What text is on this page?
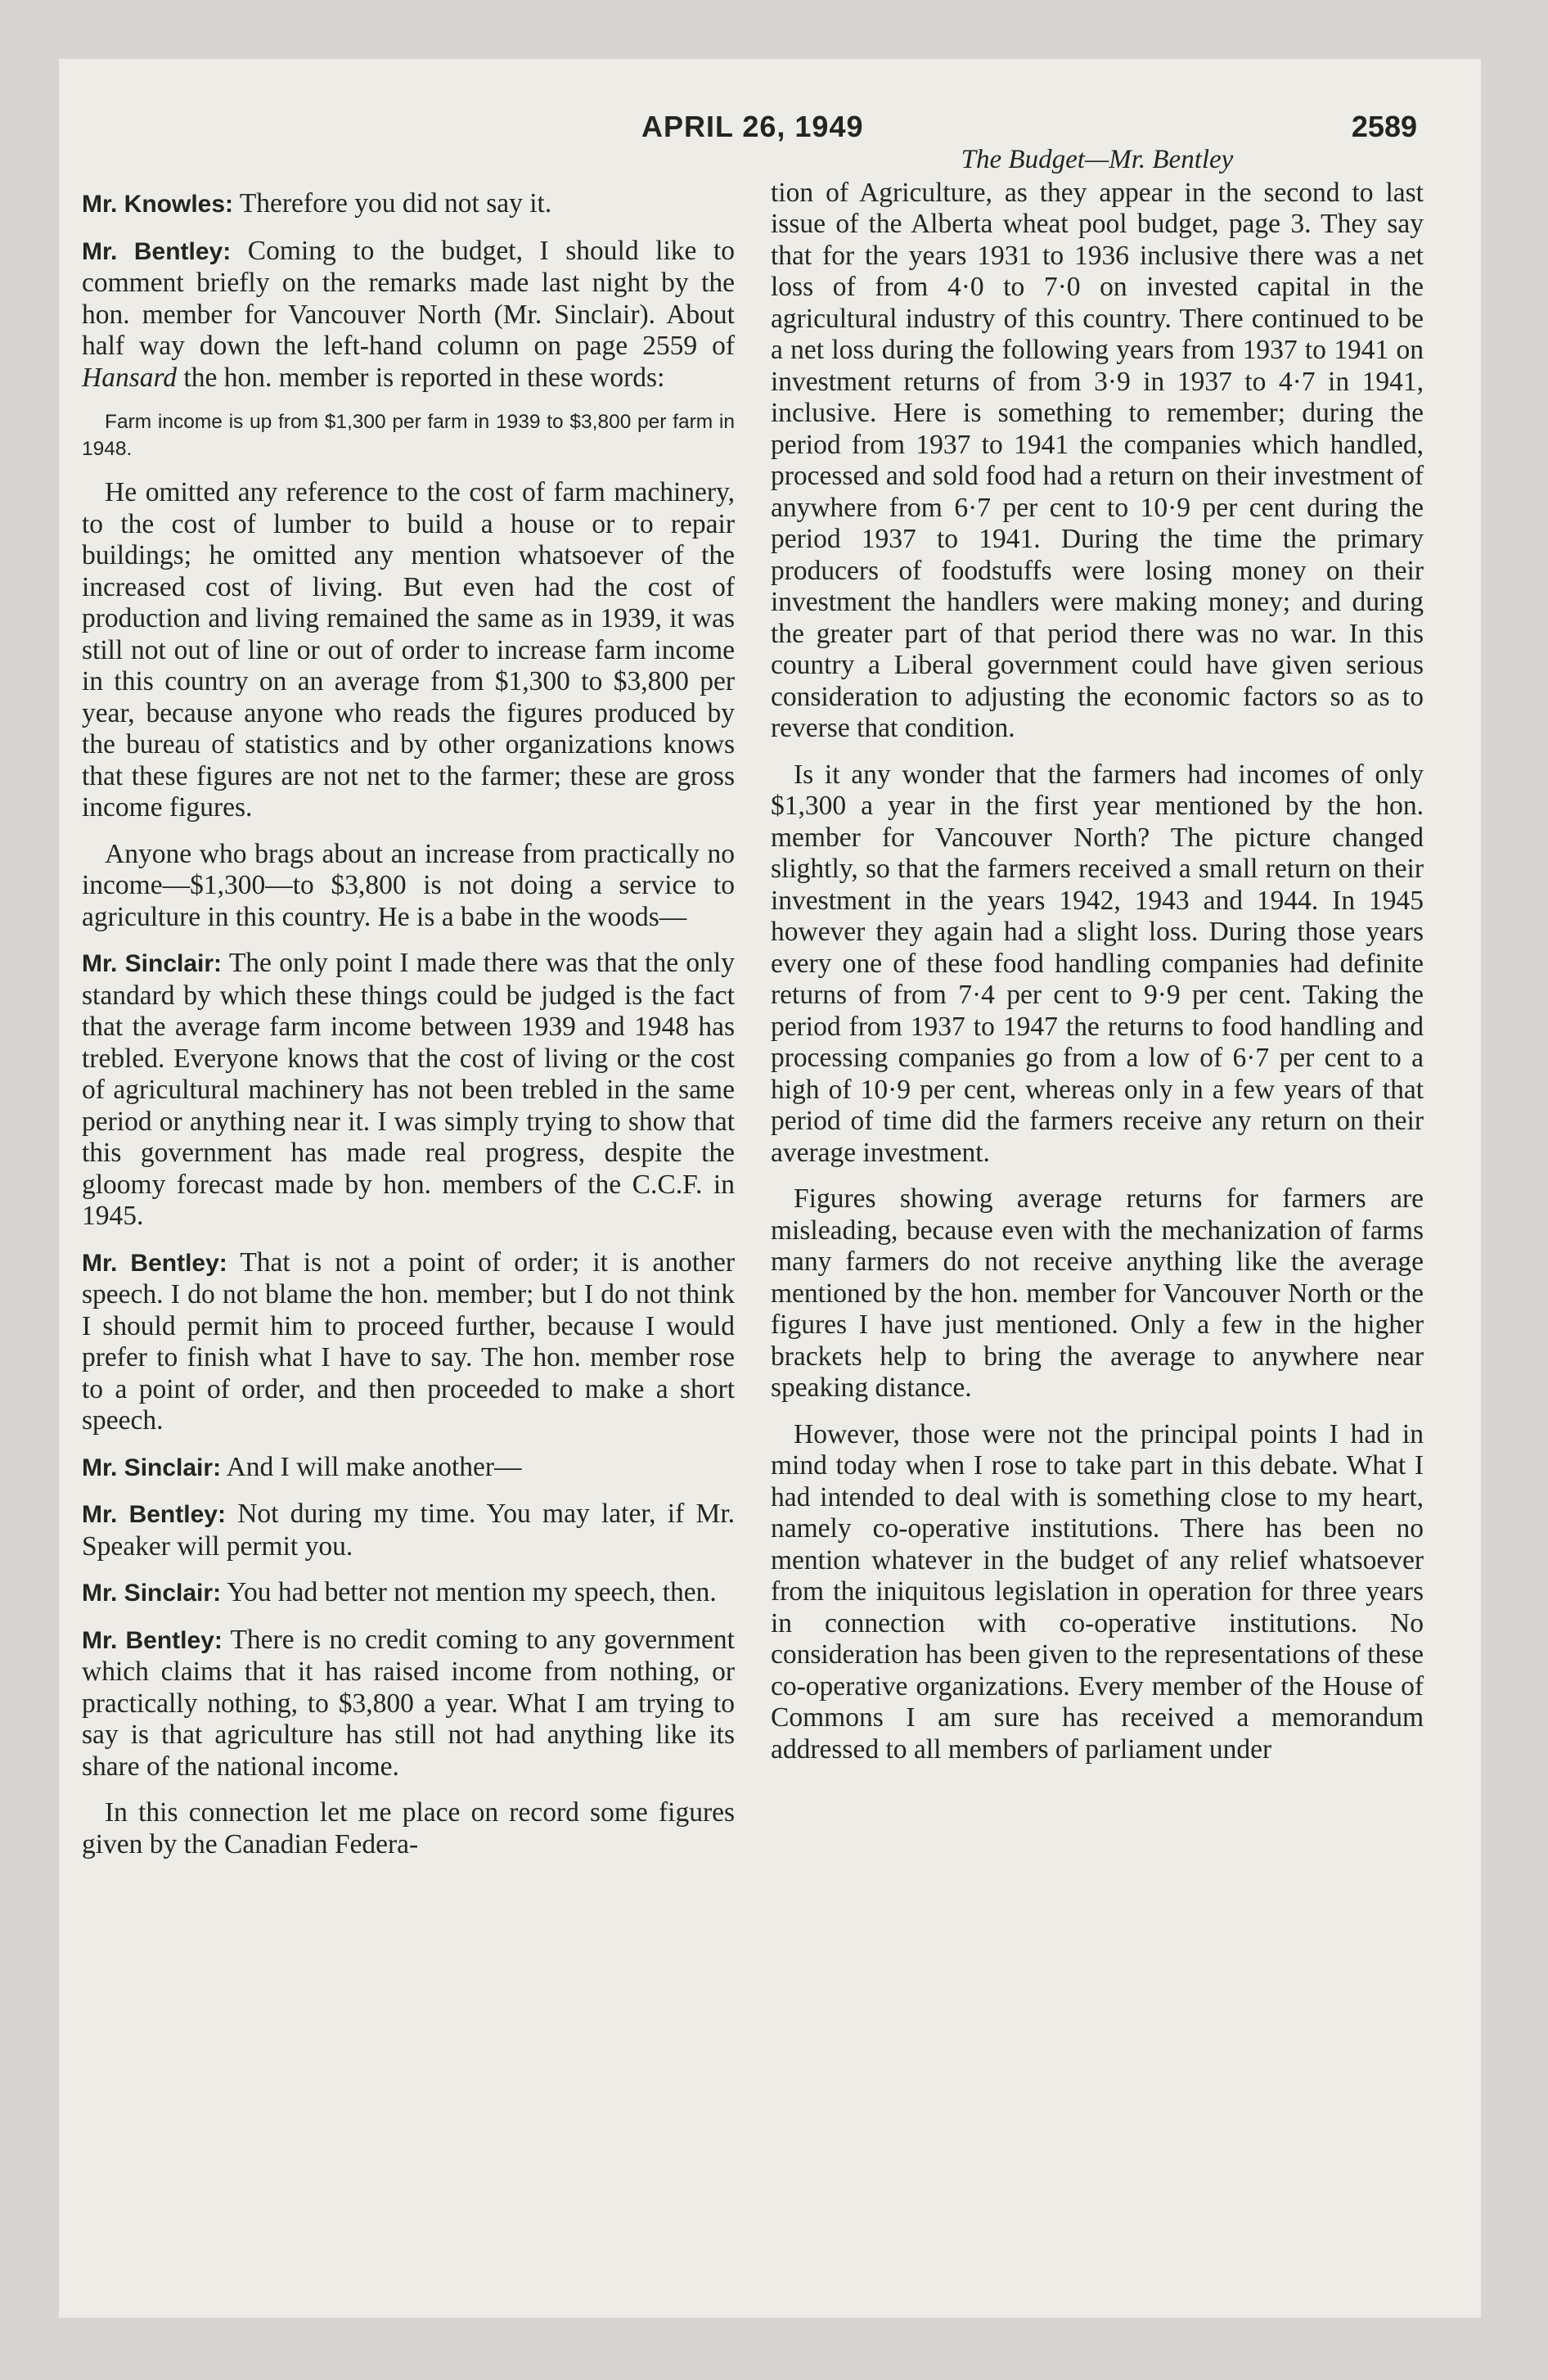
APRIL 26, 1949	2589

Mr. Knowles: Therefore you did not say it.

Mr. Bentley: Coming to the budget, I should like to comment briefly on the remarks made last night by the hon. member for Vancouver North (Mr. Sinclair). About half way down the left-hand column on page 2559 of Hansard the hon. member is reported in these words:

Farm income is up from $1,300 per farm in 1939 to $3,800 per farm in 1948.

He omitted any reference to the cost of farm machinery, to the cost of lumber to build a house or to repair buildings; he omitted any mention whatsoever of the increased cost of living. But even had the cost of production and living remained the same as in 1939, it was still not out of line or out of order to increase farm income in this country on an average from $1,300 to $3,800 per year, because anyone who reads the figures produced by the bureau of statistics and by other organizations knows that these figures are not net to the farmer; these are gross income figures.

Anyone who brags about an increase from practically no income—$1,300—to $3,800 is not doing a service to agriculture in this country. He is a babe in the woods—

Mr. Sinclair: The only point I made there was that the only standard by which these things could be judged is the fact that the average farm income between 1939 and 1948 has trebled. Everyone knows that the cost of living or the cost of agricultural machinery has not been trebled in the same period or anything near it. I was simply trying to show that this government has made real progress, despite the gloomy forecast made by hon. members of the C.C.F. in 1945.

Mr. Bentley: That is not a point of order; it is another speech. I do not blame the hon. member; but I do not think I should permit him to proceed further, because I would prefer to finish what I have to say. The hon. member rose to a point of order, and then proceeded to make a short speech.

Mr. Sinclair: And I will make another—

Mr. Bentley: Not during my time. You may later, if Mr. Speaker will permit you.

Mr. Sinclair: You had better not mention my speech, then.

Mr. Bentley: There is no credit coming to any government which claims that it has raised income from nothing, or practically nothing, to $3,800 a year. What I am trying to say is that agriculture has still not had anything like its share of the national income.

In this connection let me place on record some figures given by the Canadian Federa-

The Budget—Mr. Bentley

tion of Agriculture, as they appear in the second to last issue of the Alberta wheat pool budget, page 3. They say that for the years 1931 to 1936 inclusive there was a net loss of from 4·0 to 7·0 on invested capital in the agricultural industry of this country. There continued to be a net loss during the following years from 1937 to 1941 on investment returns of from 3·9 in 1937 to 4·7 in 1941, inclusive. Here is something to remember; during the period from 1937 to 1941 the companies which handled, processed and sold food had a return on their investment of anywhere from 6·7 per cent to 10·9 per cent during the period 1937 to 1941. During the time the primary producers of foodstuffs were losing money on their investment the handlers were making money; and during the greater part of that period there was no war. In this country a Liberal government could have given serious consideration to adjusting the economic factors so as to reverse that condition.

Is it any wonder that the farmers had incomes of only $1,300 a year in the first year mentioned by the hon. member for Vancouver North? The picture changed slightly, so that the farmers received a small return on their investment in the years 1942, 1943 and 1944. In 1945 however they again had a slight loss. During those years every one of these food handling companies had definite returns of from 7·4 per cent to 9·9 per cent. Taking the period from 1937 to 1947 the returns to food handling and processing companies go from a low of 6·7 per cent to a high of 10·9 per cent, whereas only in a few years of that period of time did the farmers receive any return on their average investment.

Figures showing average returns for farmers are misleading, because even with the mechanization of farms many farmers do not receive anything like the average mentioned by the hon. member for Vancouver North or the figures I have just mentioned. Only a few in the higher brackets help to bring the average to anywhere near speaking distance.

However, those were not the principal points I had in mind today when I rose to take part in this debate. What I had intended to deal with is something close to my heart, namely co-operative institutions. There has been no mention whatever in the budget of any relief whatsoever from the iniquitous legislation in operation for three years in connection with co-operative institutions. No consideration has been given to the representations of these co-operative organizations. Every member of the House of Commons I am sure has received a memorandum addressed to all members of parliament under
